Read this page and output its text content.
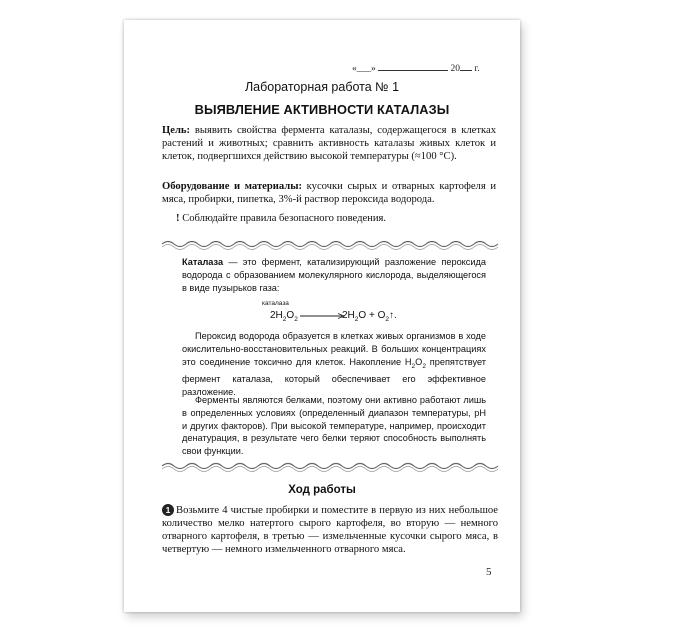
«___»	20 г.
Лабораторная работа № 1
ВЫЯВЛЕНИЕ АКТИВНОСТИ КАТАЛАЗЫ
Цель: выявить свойства фермента каталазы, содержащегося в клетках растений и животных; сравнить активность каталазы живых клеток и клеток, подвергшихся действию высокой температуры (≈100 °С).
Оборудование и материалы: кусочки сырых и отварных картофеля и мяса, пробирки, пипетка, 3%-й раствор пероксида водорода.
! Соблюдайте правила безопасного поведения.
Каталаза — это фермент, катализирующий разложение пероксида водорода с образованием молекулярного кислорода, выделяющегося в виде пузырьков газа:
каталаза
$2H_2O_2$	$2H_2O$ + $O_2↑$.
Пероксид водорода образуется в клетках живых организмов в ходе окислительно-восстановительных реакций. В больших концентрациях это соединение токсично для клеток. Накопление $H_2O_2$ препятствует фермент каталаза, который обеспечивает его эффективное разложение.
Ферменты являются белками, поэтому они активно работают лишь в определенных условиях (определенный диапазон температуры, pH и других факторов). При высокой температуре, например, происходит денатурация, в результате чего белки теряют способность выполнять свои функции.
Ход работы
1 Возьмите 4 чистые пробирки и поместите в первую из них небольшое количество мелко натертого сырого картофеля, во вторую — немного отварного картофеля, в третью — измельченные кусочки сырого мяса, в четвертую — немного измельченного отварного мяса.
5
